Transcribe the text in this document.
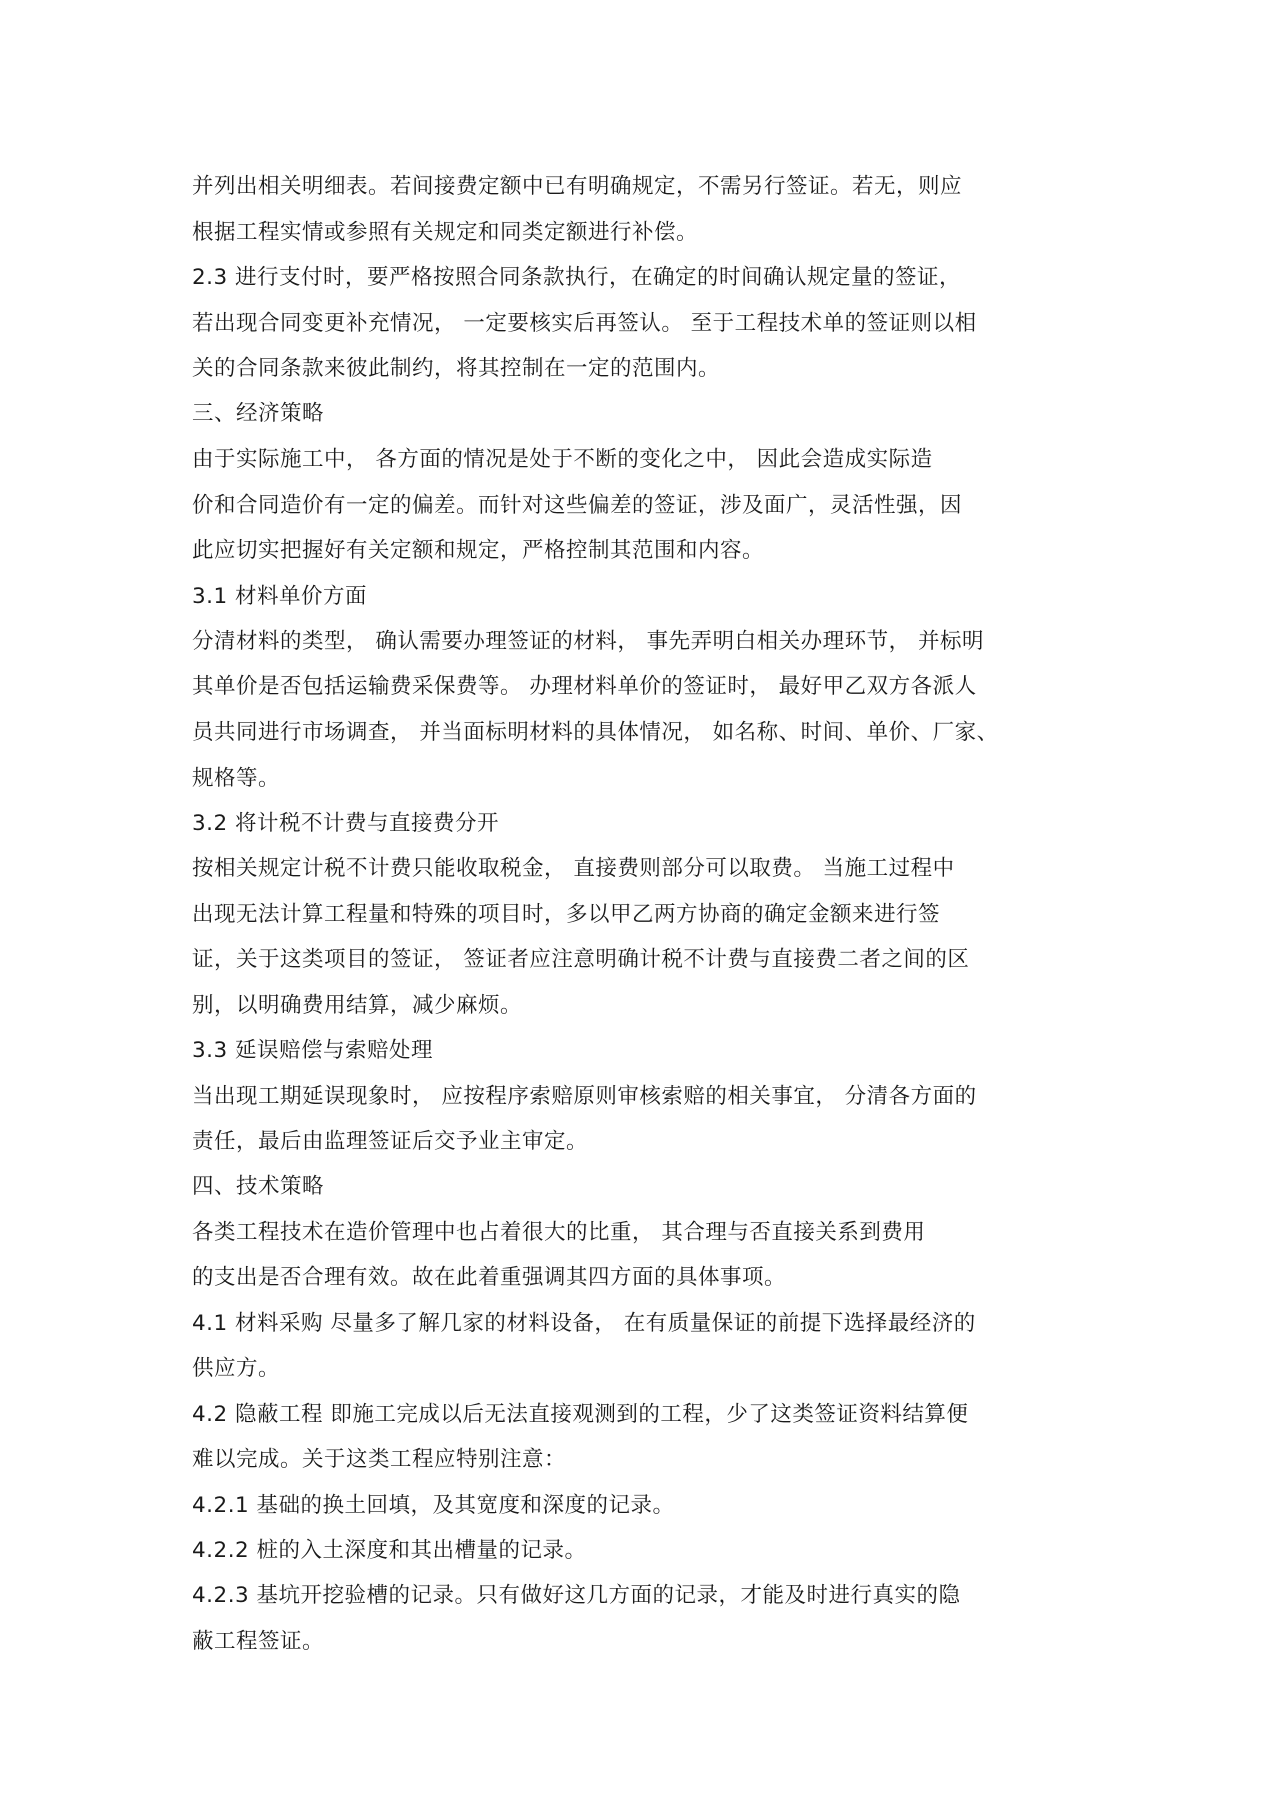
并列出相关明细表。若间接费定额中已有明确规定，不需另行签证。若无，则应
根据工程实情或参照有关规定和同类定额进行补偿。
2.3 进行支付时，要严格按照合同条款执行，在确定的时间确认规定量的签证，
若出现合同变更补充情况， 一定要核实后再签认。 至于工程技术单的签证则以相
关的合同条款来彼此制约，将其控制在一定的范围内。
三、经济策略
由于实际施工中， 各方面的情况是处于不断的变化之中， 因此会造成实际造
价和合同造价有一定的偏差。而针对这些偏差的签证，涉及面广，灵活性强，因
此应切实把握好有关定额和规定，严格控制其范围和内容。
3.1 材料单价方面
分清材料的类型， 确认需要办理签证的材料， 事先弄明白相关办理环节， 并标明
其单价是否包括运输费采保费等。 办理材料单价的签证时， 最好甲乙双方各派人
员共同进行市场调查， 并当面标明材料的具体情况， 如名称、时间、单价、厂家、
规格等。
3.2 将计税不计费与直接费分开
按相关规定计税不计费只能收取税金， 直接费则部分可以取费。 当施工过程中
出现无法计算工程量和特殊的项目时，多以甲乙两方协商的确定金额来进行签
证，关于这类项目的签证， 签证者应注意明确计税不计费与直接费二者之间的区
别，以明确费用结算，减少麻烦。
3.3 延误赔偿与索赔处理
当出现工期延误现象时， 应按程序索赔原则审核索赔的相关事宜， 分清各方面的
责任，最后由监理签证后交予业主审定。
四、技术策略
各类工程技术在造价管理中也占着很大的比重， 其合理与否直接关系到费用
的支出是否合理有效。故在此着重强调其四方面的具体事项。
4.1 材料采购 尽量多了解几家的材料设备， 在有质量保证的前提下选择最经济的
供应方。
4.2 隐蔽工程 即施工完成以后无法直接观测到的工程，少了这类签证资料结算便
难以完成。关于这类工程应特别注意：
4.2.1 基础的换土回填，及其宽度和深度的记录。
4.2.2 桩的入土深度和其出槽量的记录。
4.2.3 基坑开挖验槽的记录。只有做好这几方面的记录，才能及时进行真实的隐
蔽工程签证。
